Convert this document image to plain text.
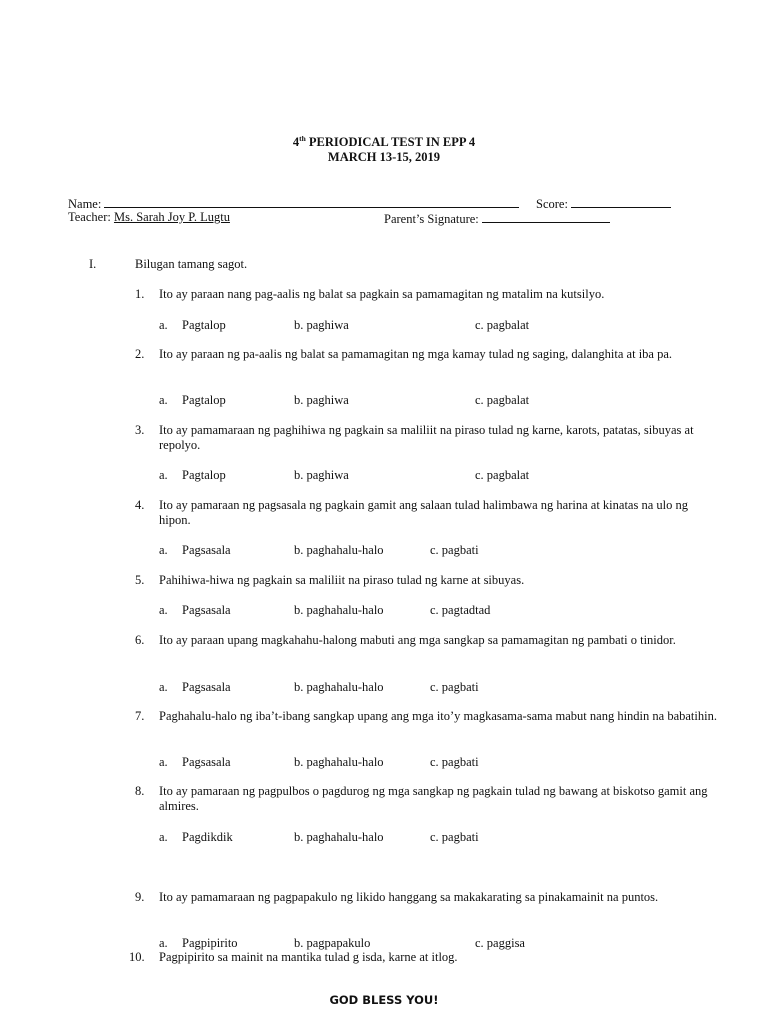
4th PERIODICAL TEST IN EPP 4
MARCH 13-15, 2019
Name:	Score:
Teacher: Ms. Sarah Joy P. Lugtu	Parent’s Signature:
I.	Bilugan tamang sagot.
1. Ito ay paraan nang pag-aalis ng balat sa pagkain sa pamamagitan ng matalim na kutsilyo.
a. Pagtalop	b. paghiwa	c. pagbalat
2. Ito ay paraan ng pa-aalis ng balat sa pamamagitan ng mga kamay tulad ng saging, dalanghita at iba pa.
a. Pagtalop	b. paghiwa	c. pagbalat
3. Ito ay pamamaraan ng paghihiwa ng pagkain sa maliliit na piraso tulad ng karne, karots, patatas, sibuyas at repolyo.
a. Pagtalop	b. paghiwa	c. pagbalat
4. Ito ay pamaraan ng pagsasala ng pagkain gamit ang salaan tulad halimbawa ng harina at kinatas na ulo ng hipon.
a. Pagsasala	b. paghahalu-halo	c. pagbati
5. Pahihiwa-hiwa ng pagkain sa maliliit na piraso tulad ng karne at sibuyas.
a. Pagsasala	b. paghahalu-halo	c. pagtadtad
6. Ito ay paraan upang magkahahu-halong mabuti ang mga sangkap sa pamamagitan ng pambati o tinidor.
a. Pagsasala	b. paghahalu-halo	c. pagbati
7. Paghahalu-halo ng iba’t-ibang sangkap upang ang mga ito’y magkasama-sama mabut nang hindin na babatihin.
a. Pagsasala	b. paghahalu-halo	c. pagbati
8. Ito ay pamaraan ng pagpulbos o pagdurog ng mga sangkap ng pagkain tulad ng bawang at biskotso gamit ang almires.
a. Pagdikdik	b. paghahalu-halo	c. pagbati
9. Ito ay pamamaraan ng pagpapakulo ng likido hanggang sa makakarating sa pinakamainit na puntos.
a. Pagpipirito	b. pagpapakulo	c. paggisa
10. Pagpipirito sa mainit na mantika tulad g isda, karne at itlog.
GOD BLESS YOU!
